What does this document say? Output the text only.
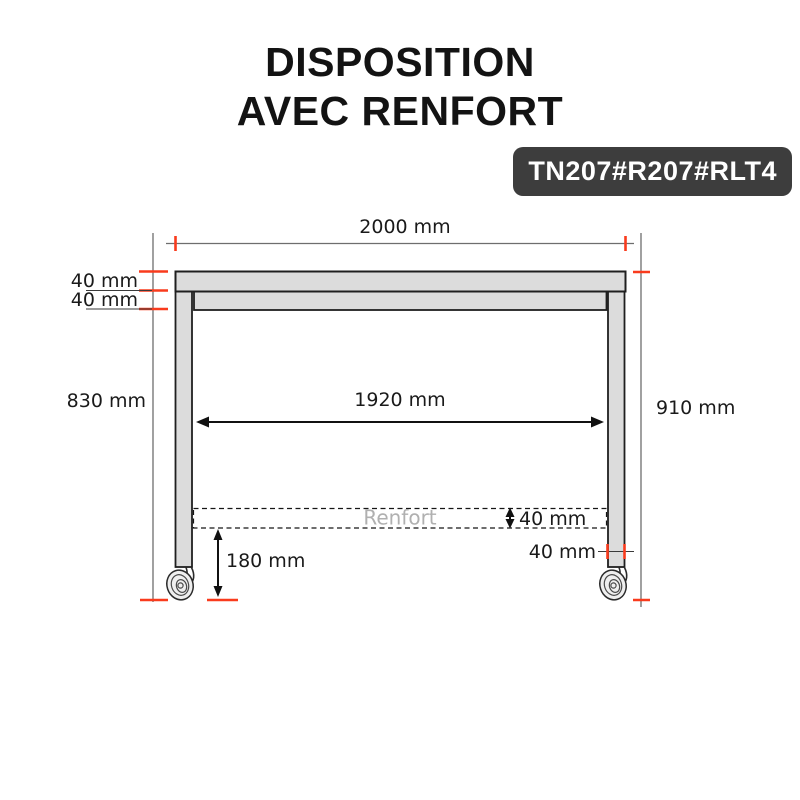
DISPOSITION
AVEC RENFORT
TN207#R207#RLT4
2000 mm
40 mm
40 mm
830 mm	910 mm
1920 mm
Renfort	40 mm
40 mm
180 mm
